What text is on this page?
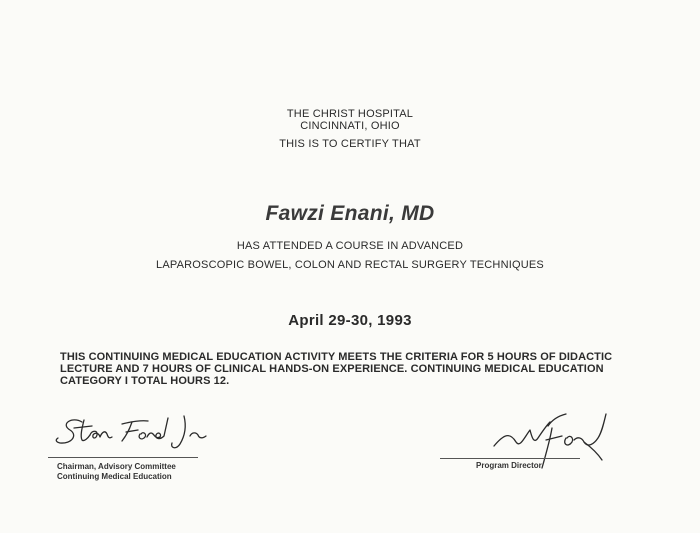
THE CHRIST HOSPITAL
CINCINNATI, OHIO
THIS IS TO CERTIFY THAT
Fawzi Enani, MD
HAS ATTENDED A COURSE IN ADVANCED
LAPAROSCOPIC BOWEL, COLON AND RECTAL SURGERY TECHNIQUES
April 29-30, 1993
THIS CONTINUING MEDICAL EDUCATION ACTIVITY MEETS THE CRITERIA FOR 5 HOURS OF DIDACTIC
LECTURE AND 7 HOURS OF CLINICAL HANDS-ON EXPERIENCE. CONTINUING MEDICAL EDUCATION
CATEGORY I TOTAL HOURS 12.
Chairman, Advisory Committee
Continuing Medical Education
Program Director
